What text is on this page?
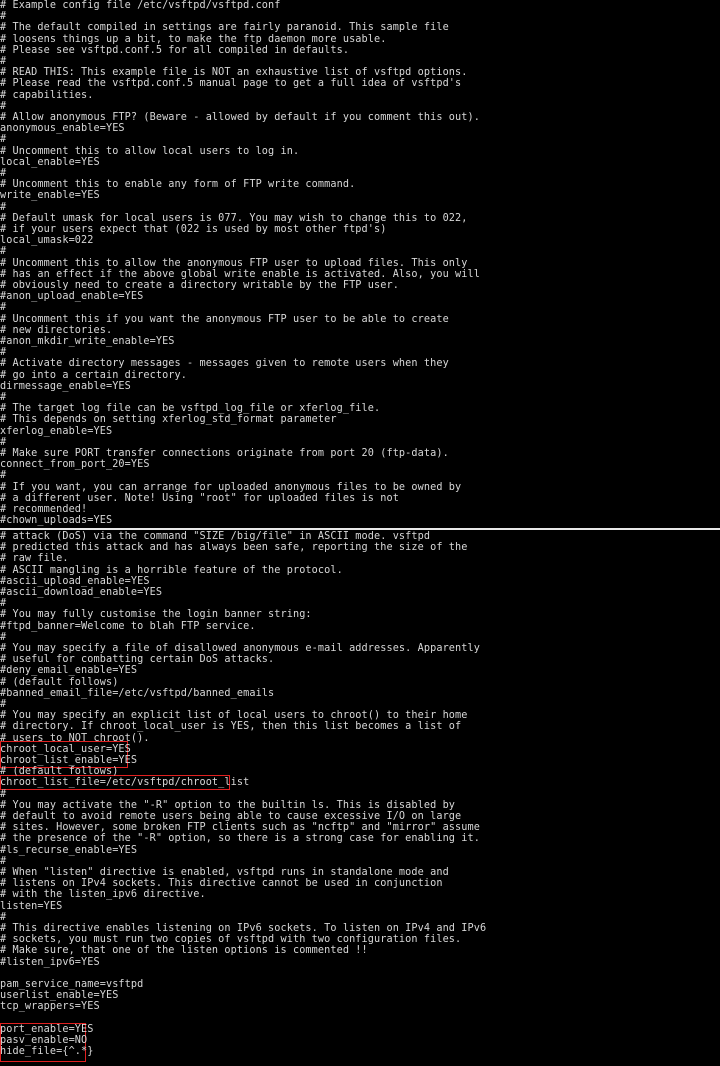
# Example config file /etc/vsftpd/vsftpd.conf
#
# The default compiled in settings are fairly paranoid. This sample file
# loosens things up a bit, to make the ftp daemon more usable.
# Please see vsftpd.conf.5 for all compiled in defaults.
#
# READ THIS: This example file is NOT an exhaustive list of vsftpd options.
# Please read the vsftpd.conf.5 manual page to get a full idea of vsftpd's
# capabilities.
#
# Allow anonymous FTP? (Beware - allowed by default if you comment this out).
anonymous_enable=YES
#
# Uncomment this to allow local users to log in.
local_enable=YES
#
# Uncomment this to enable any form of FTP write command.
write_enable=YES
#
# Default umask for local users is 077. You may wish to change this to 022,
# if your users expect that (022 is used by most other ftpd's)
local_umask=022
#
# Uncomment this to allow the anonymous FTP user to upload files. This only
# has an effect if the above global write enable is activated. Also, you will
# obviously need to create a directory writable by the FTP user.
#anon_upload_enable=YES
#
# Uncomment this if you want the anonymous FTP user to be able to create
# new directories.
#anon_mkdir_write_enable=YES
#
# Activate directory messages - messages given to remote users when they
# go into a certain directory.
dirmessage_enable=YES
#
# The target log file can be vsftpd_log_file or xferlog_file.
# This depends on setting xferlog_std_format parameter
xferlog_enable=YES
#
# Make sure PORT transfer connections originate from port 20 (ftp-data).
connect_from_port_20=YES
#
# If you want, you can arrange for uploaded anonymous files to be owned by
# a different user. Note! Using "root" for uploaded files is not
# recommended!
#chown_uploads=YES
# attack (DoS) via the command "SIZE /big/file" in ASCII mode. vsftpd
# predicted this attack and has always been safe, reporting the size of the
# raw file.
# ASCII mangling is a horrible feature of the protocol.
#ascii_upload_enable=YES
#ascii_download_enable=YES
#
# You may fully customise the login banner string:
#ftpd_banner=Welcome to blah FTP service.
#
# You may specify a file of disallowed anonymous e-mail addresses. Apparently
# useful for combatting certain DoS attacks.
#deny_email_enable=YES
# (default follows)
#banned_email_file=/etc/vsftpd/banned_emails
#
# You may specify an explicit list of local users to chroot() to their home
# directory. If chroot_local_user is YES, then this list becomes a list of
# users to NOT chroot().
chroot_local_user=YES
chroot_list_enable=YES
# (default follows)
chroot_list_file=/etc/vsftpd/chroot_list
#
# You may activate the "-R" option to the builtin ls. This is disabled by
# default to avoid remote users being able to cause excessive I/O on large
# sites. However, some broken FTP clients such as "ncftp" and "mirror" assume
# the presence of the "-R" option, so there is a strong case for enabling it.
#ls_recurse_enable=YES
#
# When "listen" directive is enabled, vsftpd runs in standalone mode and
# listens on IPv4 sockets. This directive cannot be used in conjunction
# with the listen_ipv6 directive.
listen=YES
#
# This directive enables listening on IPv6 sockets. To listen on IPv4 and IPv6
# sockets, you must run two copies of vsftpd with two configuration files.
# Make sure, that one of the listen options is commented !!
#listen_ipv6=YES
pam_service_name=vsftpd
userlist_enable=YES
tcp_wrappers=YES
port_enable=YES
pasv_enable=NO
hide_file={^.*}
